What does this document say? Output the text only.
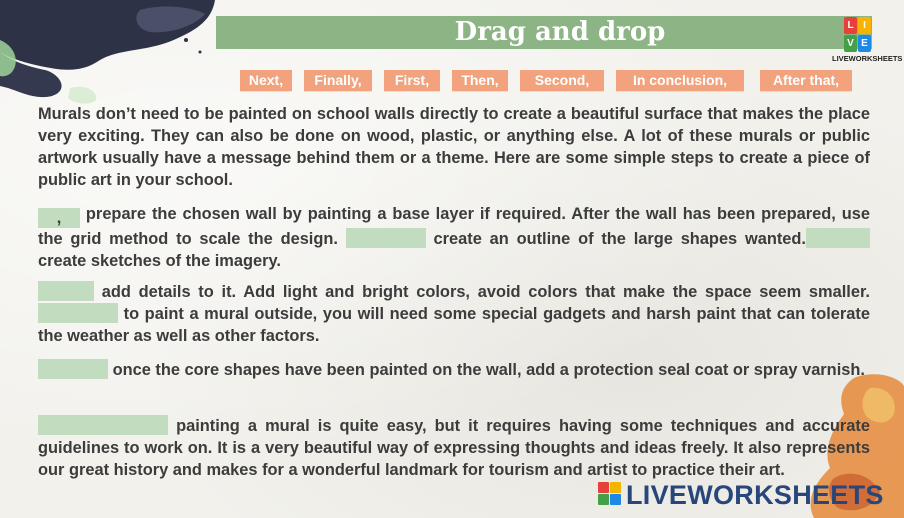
Drag and drop	L I
V E
LIVEWORKSHEETS
Next,	Finally,	First,	Then,	Second,	In conclusion,	After that,
Murals don’t need to be painted on school walls directly to create a beautiful surface that makes the place very exciting. They can also be done on wood, plastic, or anything else. A lot of these murals or public artwork usually have a message behind them or a theme. Here are some simple steps to create a piece of public art in your school.
, prepare the chosen wall by painting a base layer if required. After the wall has been prepared, use the grid method to scale the design.	create an outline of the large shapes wanted. create sketches of the imagery.
add details to it. Add light and bright colors, avoid colors that make the space seem smaller.  to paint a mural outside, you will need some special gadgets and harsh paint that can tolerate the weather as well as other factors.
once the core shapes have been painted on the wall, add a protection seal coat or spray varnish.
painting a mural is quite easy, but it requires having some techniques and accurate guidelines to work on. It is a very beautiful way of expressing thoughts and ideas freely. It also represents our great history and makes for a wonderful landmark for tourism and artist to practice their art.
LIVEWORKSHEETS
